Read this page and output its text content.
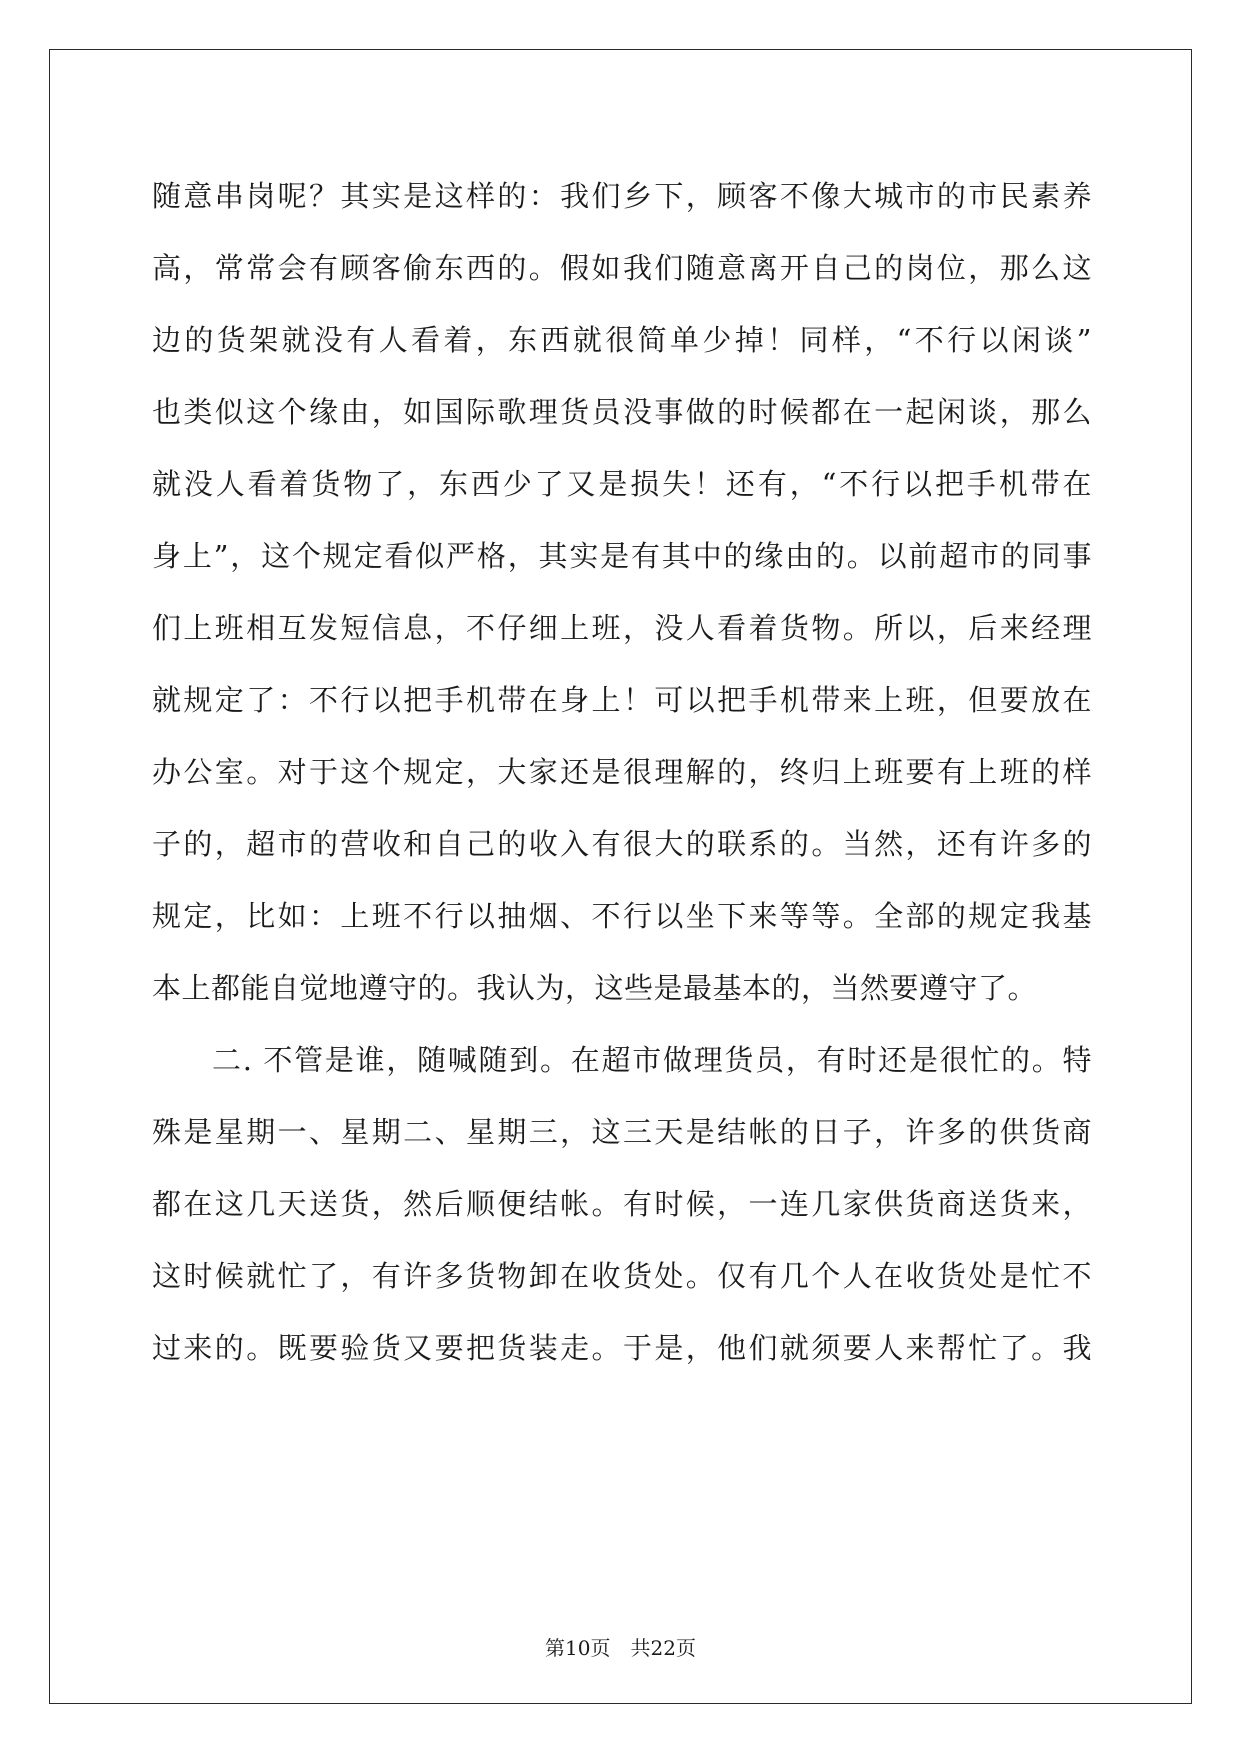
随意串岗呢？其实是这样的：我们乡下，顾客不像大城市的市民素养
高，常常会有顾客偷东西的。假如我们随意离开自己的岗位，那么这
边的货架就没有人看着，东西就很简单少掉！同样，“不行以闲谈”
也类似这个缘由，如国际歌理货员没事做的时候都在一起闲谈，那么
就没人看着货物了，东西少了又是损失！还有，“不行以把手机带在
身上”，这个规定看似严格，其实是有其中的缘由的。以前超市的同事
们上班相互发短信息，不仔细上班，没人看着货物。所以，后来经理
就规定了：不行以把手机带在身上！可以把手机带来上班，但要放在
办公室。对于这个规定，大家还是很理解的，终归上班要有上班的样
子的，超市的营收和自己的收入有很大的联系的。当然，还有许多的
规定，比如：上班不行以抽烟、不行以坐下来等等。全部的规定我基
本上都能自觉地遵守的。我认为，这些是最基本的，当然要遵守了。
二. 不管是谁，随喊随到。在超市做理货员，有时还是很忙的。特
殊是星期一、星期二、星期三，这三天是结帐的日子，许多的供货商
都在这几天送货，然后顺便结帐。有时候，一连几家供货商送货来，
这时候就忙了，有许多货物卸在收货处。仅有几个人在收货处是忙不
过来的。既要验货又要把货装走。于是，他们就须要人来帮忙了。我
第10页　共22页
